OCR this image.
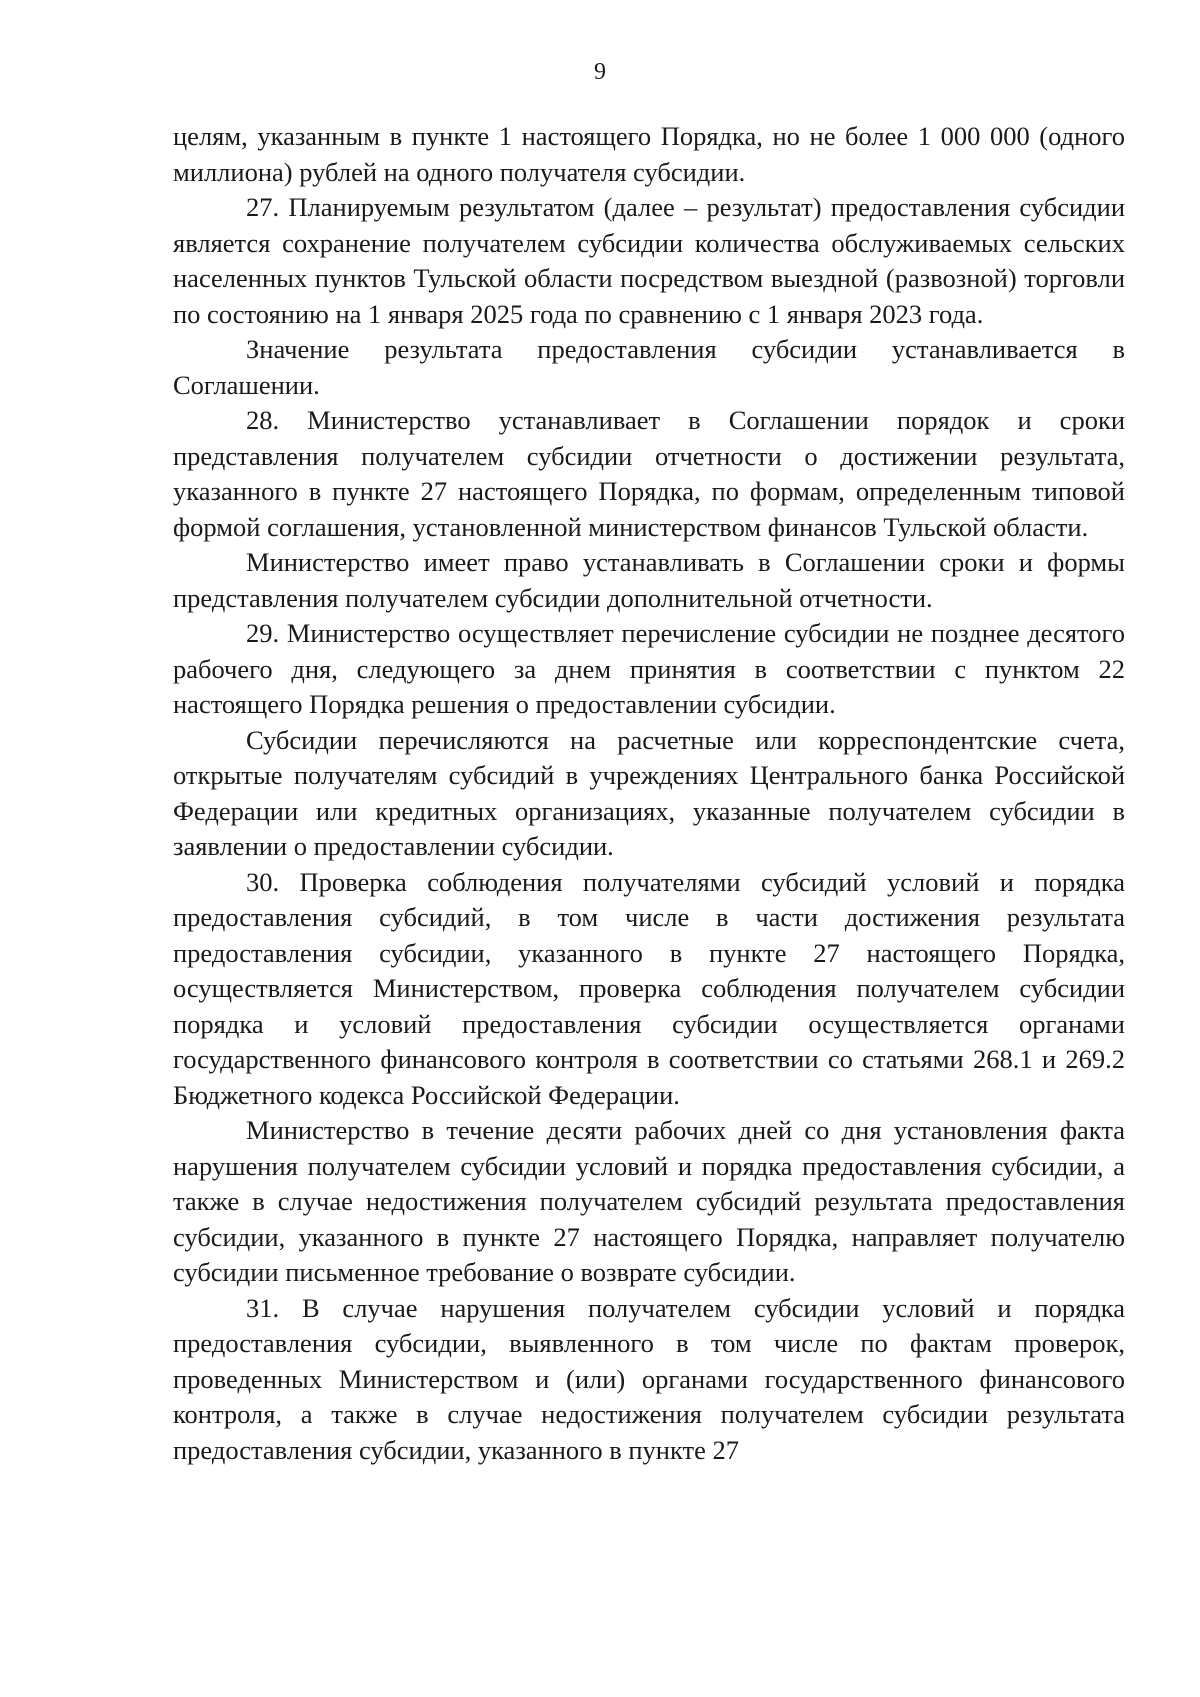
9

целям, указанным в пункте 1 настоящего Порядка, но не более 1 000 000 (одного миллиона) рублей на одного получателя субсидии.

27. Планируемым результатом (далее – результат) предоставления субсидии является сохранение получателем субсидии количества обслуживаемых сельских населенных пунктов Тульской области посредством выездной (развозной) торговли по состоянию на 1 января 2025 года по сравнению с 1 января 2023 года.

Значение результата предоставления субсидии устанавливается в Соглашении.

28. Министерство устанавливает в Соглашении порядок и сроки представления получателем субсидии отчетности о достижении результата, указанного в пункте 27 настоящего Порядка, по формам, определенным типовой формой соглашения, установленной министерством финансов Тульской области.

Министерство имеет право устанавливать в Соглашении сроки и формы представления получателем субсидии дополнительной отчетности.

29. Министерство осуществляет перечисление субсидии не позднее десятого рабочего дня, следующего за днем принятия в соответствии с пунктом 22 настоящего Порядка решения о предоставлении субсидии.

Субсидии перечисляются на расчетные или корреспондентские счета, открытые получателям субсидий в учреждениях Центрального банка Российской Федерации или кредитных организациях, указанные получателем субсидии в заявлении о предоставлении субсидии.

30. Проверка соблюдения получателями субсидий условий и порядка предоставления субсидий, в том числе в части достижения результата предоставления субсидии, указанного в пункте 27 настоящего Порядка, осуществляется Министерством, проверка соблюдения получателем субсидии порядка и условий предоставления субсидии осуществляется органами государственного финансового контроля в соответствии со статьями 268.1 и 269.2 Бюджетного кодекса Российской Федерации.

Министерство в течение десяти рабочих дней со дня установления факта нарушения получателем субсидии условий и порядка предоставления субсидии, а также в случае недостижения получателем субсидий результата предоставления субсидии, указанного в пункте 27 настоящего Порядка, направляет получателю субсидии письменное требование о возврате субсидии.

31. В случае нарушения получателем субсидии условий и порядка предоставления субсидии, выявленного в том числе по фактам проверок, проведенных Министерством и (или) органами государственного финансового контроля, а также в случае недостижения получателем субсидии результата предоставления субсидии, указанного в пункте 27
